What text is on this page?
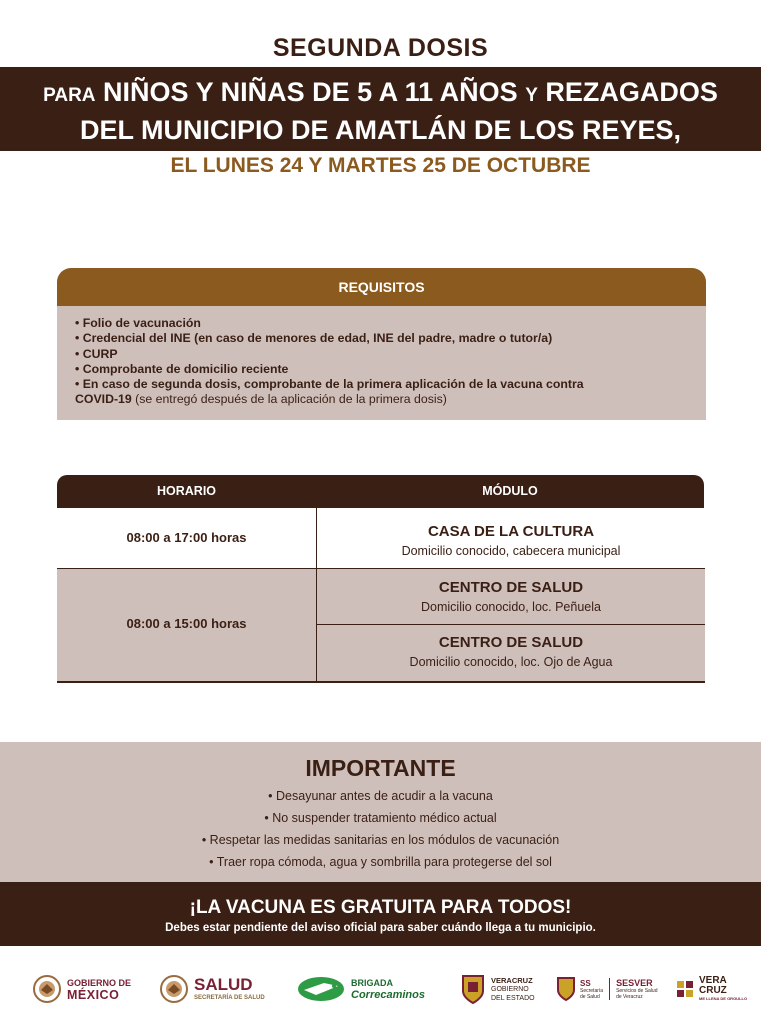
SEGUNDA DOSIS
PARA NIÑOS Y NIÑAS DE 5 A 11 AÑOS Y REZAGADOS
DEL MUNICIPIO DE AMATLÁN DE LOS REYES,
EL LUNES 24 Y MARTES 25 DE OCTUBRE
REQUISITOS
• Folio de vacunación
• Credencial del INE (en caso de menores de edad, INE del padre, madre o tutor/a)
• CURP
• Comprobante de domicilio reciente
• En caso de segunda dosis, comprobante de la primera aplicación de la vacuna contra
COVID-19 (se entregó después de la aplicación de la primera dosis)
HORARIO	MÓDULO
08:00 a 17:00 horas
08:00 a 15:00 horas
CASA DE LA CULTURA
Domicilio conocido, cabecera municipal
CENTRO DE SALUD
Domicilio conocido, loc. Peñuela
CENTRO DE SALUD
Domicilio conocido, loc. Ojo de Agua
IMPORTANTE
• Desayunar antes de acudir a la vacuna
• No suspender tratamiento médico actual
• Respetar las medidas sanitarias en los módulos de vacunación
• Traer ropa cómoda, agua y sombrilla para protegerse del sol
¡LA VACUNA ES GRATUITA PARA TODOS!
Debes estar pendiente del aviso oficial para saber cuándo llega a tu municipio.
GOBIERNO DE
MÉXICO
SALUD
SECRETARÍA DE SALUD
BRIGADA
Correcaminos
VERACRUZ
GOBIERNO
DEL ESTADO
SS
Secretaría
de Salud
SESVER
Servicios de Salud
de Veracruz
VERA
CRUZ
ME LLENA DE ORGULLO
